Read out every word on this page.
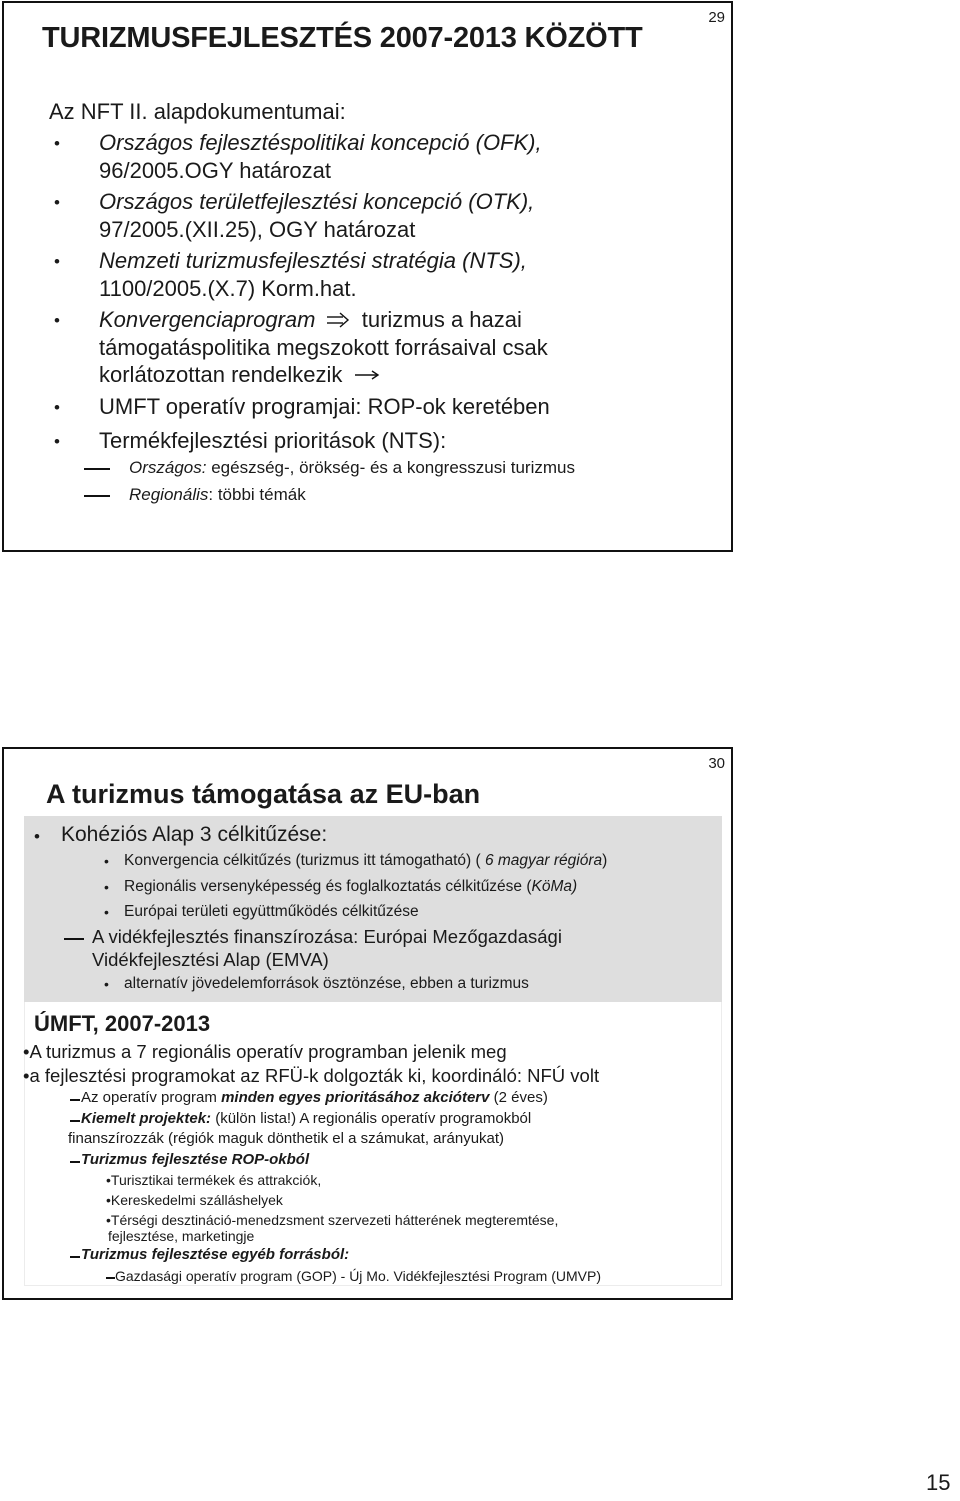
29
TURIZMUSFEJLESZTÉS 2007-2013 KÖZÖTT
Az NFT II. alapdokumentumai:
• Országos fejlesztéspolitikai koncepció (OFK),
96/2005.OGY határozat
• Országos területfejlesztési koncepció (OTK),
97/2005.(XII.25), OGY határozat
• Nemzeti turizmusfejlesztési stratégia (NTS),
1100/2005.(X.7) Korm.hat.
• Konvergenciaprogram turizmus a hazai
támogatáspolitika megszokott forrásaival csak
korlátozottan rendelkezik
• UMFT operatív programjai: ROP-ok keretében
• Termékfejlesztési prioritások (NTS):
Országos: egészség-, örökség- és a kongresszusi turizmus
Regionális: többi témák
30
A turizmus támogatása az EU-ban
• Kohéziós Alap 3 célkitűzése:
• Konvergencia célkitűzés (turizmus itt támogatható) ( 6 magyar régióra)
• Regionális versenyképesség és foglalkoztatás célkitűzése (KöMa)
• Európai területi együttműködés célkitűzése
A vidékfejlesztés finanszírozása: Európai Mezőgazdasági
Vidékfejlesztési Alap (EMVA)
• alternatív jövedelemforrások ösztönzése, ebben a turizmus
ÚMFT, 2007-2013
•A turizmus a 7 regionális operatív programban jelenik meg
•a fejlesztési programokat az RFÜ-k dolgozták ki, koordináló: NFÚ volt
Az operatív program minden egyes prioritásához akcióterv (2 éves)
Kiemelt projektek: (külön lista!) A regionális operatív programokból
finanszírozzák (régiók maguk dönthetik el a számukat, arányukat)
Turizmus fejlesztése ROP-okból
•Turisztikai termékek és attrakciók,
•Kereskedelmi szálláshelyek
•Térségi desztináció-menedzsment szervezeti hátterének megteremtése,
fejlesztése, marketingje
Turizmus fejlesztése egyéb forrásból:
Gazdasági operatív program (GOP) - Új Mo. Vidékfejlesztési Program (UMVP)
15
